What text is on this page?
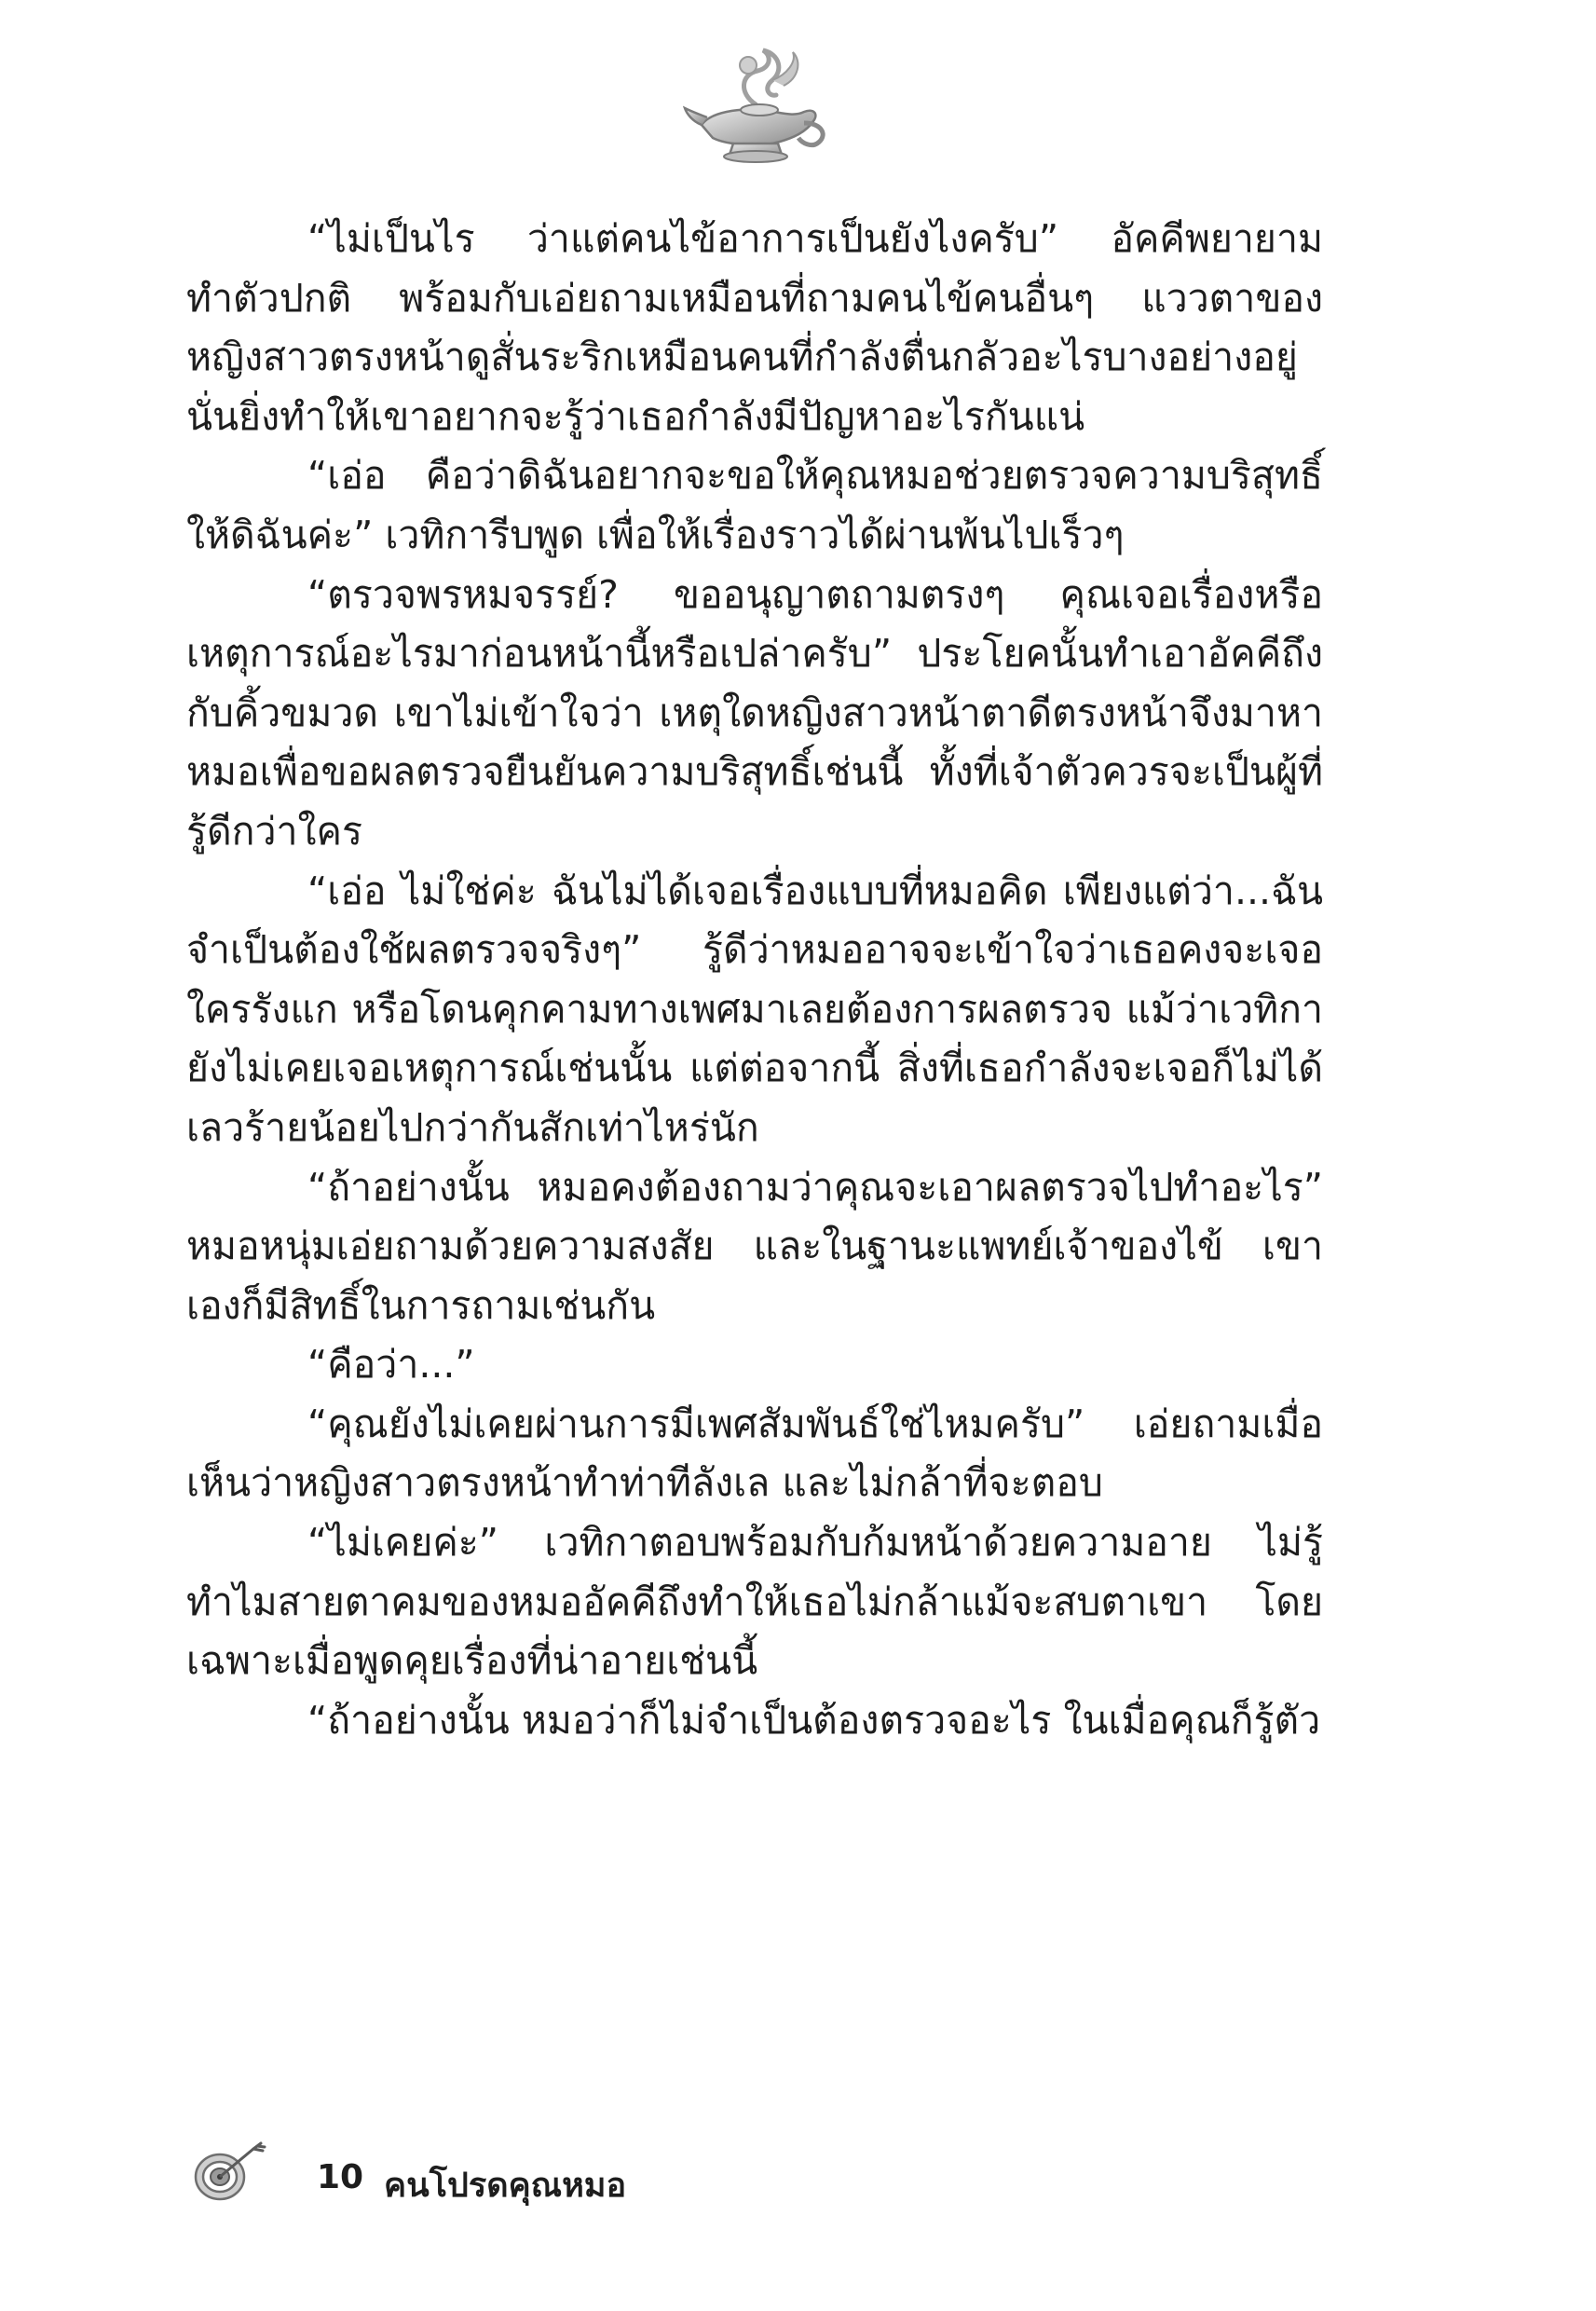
“ไม่เป็นไร ว่าแต่คนไข้อาการเป็นยังไงครับ” อัคคีพยายามทำตัวปกติ พร้อมกับเอ่ยถามเหมือนที่ถามคนไข้คนอื่นๆ แววตาของหญิงสาวตรงหน้าดูสั่นระริกเหมือนคนที่กำลังตื่นกลัวอะไรบางอย่างอยู่ นั่นยิ่งทำให้เขาอยากจะรู้ว่าเธอกำลังมีปัญหาอะไรกันแน่

“เอ่อ คือว่าดิฉันอยากจะขอให้คุณหมอช่วยตรวจความบริสุทธิ์ให้ดิฉันค่ะ” เวทิการีบพูด เพื่อให้เรื่องราวได้ผ่านพ้นไปเร็วๆ

“ตรวจพรหมจรรย์? ขออนุญาตถามตรงๆ คุณเจอเรื่องหรือเหตุการณ์อะไรมาก่อนหน้านี้หรือเปล่าครับ” ประโยคนั้นทำเอาอัคคีถึงกับคิ้วขมวด เขาไม่เข้าใจว่า เหตุใดหญิงสาวหน้าตาดีตรงหน้าจึงมาหาหมอเพื่อขอผลตรวจยืนยันความบริสุทธิ์เช่นนี้ ทั้งที่เจ้าตัวควรจะเป็นผู้ที่รู้ดีกว่าใคร

“เอ่อ ไม่ใช่ค่ะ ฉันไม่ได้เจอเรื่องแบบที่หมอคิด เพียงแต่ว่า...ฉันจำเป็นต้องใช้ผลตรวจจริงๆ” รู้ดีว่าหมออาจจะเข้าใจว่าเธอคงจะเจอใครรังแก หรือโดนคุกคามทางเพศมาเลยต้องการผลตรวจ แม้ว่าเวทิกายังไม่เคยเจอเหตุการณ์เช่นนั้น แต่ต่อจากนี้ สิ่งที่เธอกำลังจะเจอก็ไม่ได้เลวร้ายน้อยไปกว่ากันสักเท่าไหร่นัก

“ถ้าอย่างนั้น หมอคงต้องถามว่าคุณจะเอาผลตรวจไปทำอะไร” หมอหนุ่มเอ่ยถามด้วยความสงสัย และในฐานะแพทย์เจ้าของไข้ เขาเองก็มีสิทธิ์ในการถามเช่นกัน

“คือว่า...”

“คุณยังไม่เคยผ่านการมีเพศสัมพันธ์ใช่ไหมครับ” เอ่ยถามเมื่อเห็นว่าหญิงสาวตรงหน้าทำท่าทีลังเล และไม่กล้าที่จะตอบ

“ไม่เคยค่ะ” เวทิกาตอบพร้อมกับก้มหน้าด้วยความอาย ไม่รู้ทำไมสายตาคมของหมออัคคีถึงทำให้เธอไม่กล้าแม้จะสบตาเขา โดยเฉพาะเมื่อพูดคุยเรื่องที่น่าอายเช่นนี้

“ถ้าอย่างนั้น หมอว่าก็ไม่จำเป็นต้องตรวจอะไร ในเมื่อคุณก็รู้ตัว

10 คนโปรดคุณหมอ
